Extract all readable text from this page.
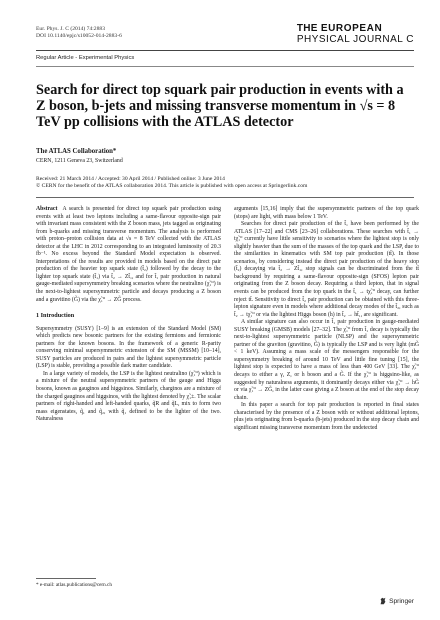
Eur. Phys. J. C (2014) 74:2883
DOI 10.1140/epjc/s10052-014-2883-6
THE EUROPEAN
PHYSICAL JOURNAL C
Regular Article - Experimental Physics
Search for direct top squark pair production in events with a Z boson, b-jets and missing transverse momentum in √s = 8 TeV pp collisions with the ATLAS detector
The ATLAS Collaboration*
CERN, 1211 Geneva 23, Switzerland
Received: 21 March 2014 / Accepted: 30 April 2014 / Published online: 3 June 2014
© CERN for the benefit of the ATLAS collaboration 2014. This article is published with open access at Springerlink.com

Abstract A search is presented for direct top squark pair production using events with at least two leptons including a same-flavour opposite-sign pair with invariant mass consistent with the Z boson mass, jets tagged as originating from b-quarks and missing transverse momentum. The analysis is performed with proton–proton collision data at √s = 8 TeV collected with the ATLAS detector at the LHC in 2012 corresponding to an integrated luminosity of 20.3 fb⁻¹. No excess beyond the Standard Model expectation is observed. Interpretations of the results are provided in models based on the direct pair production of the heavier top squark state (t̃₂) followed by the decay to the lighter top squark state (t̃₁) via t̃₂ → Zt̃₁, and for t̃₁ pair production in natural gauge-mediated supersymmetry breaking scenarios where the neutralino (χ̃₁⁰) is the next-to-lightest supersymmetric particle and decays producing a Z boson and a gravitino (G̃) via the χ̃₁⁰ → ZG̃ process.

1 Introduction

Supersymmetry (SUSY) [1–9] is an extension of the Standard Model (SM) which predicts new bosonic partners for the existing fermions and fermionic partners for the known bosons. In the framework of a generic R-parity conserving minimal supersymmetric extension of the SM (MSSM) [10–14], SUSY particles are produced in pairs and the lightest supersymmetric particle (LSP) is stable, providing a possible dark matter candidate.

In a large variety of models, the LSP is the lightest neutralino (χ̃₁⁰) which is a mixture of the neutral supersymmetric partners of the gauge and Higgs bosons, known as gauginos and higgsinos. Similarly, charginos are a mixture of the charged gauginos and higgsinos, with the lightest denoted by χ̃₁±. The scalar partners of right-handed and left-handed quarks, q̃R and q̃L, mix to form two mass eigenstates, q̃₁ and q̃₂, with q̃₁ defined to be the lighter of the two. Naturalness

arguments [15,16] imply that the supersymmetric partners of the top quark (stops) are light, with mass below 1 TeV.

Searches for direct pair production of the t̃₁ have been performed by the ATLAS [17–22] and CMS [23–26] collaborations. These searches with t̃₁ → tχ̃₁⁰ currently have little sensitivity to scenarios where the lightest stop is only slightly heavier than the sum of the masses of the top quark and the LSP, due to the similarities in kinematics with SM top pair production (tt̄). In those scenarios, by considering instead the direct pair production of the heavy stop (t̃₂) decaying via t̃₂ → Zt̃₁, stop signals can be discriminated from the tt̄ background by requiring a same-flavour opposite-sign (SFOS) lepton pair originating from the Z boson decay. Requiring a third lepton, that in signal events can be produced from the top quark in the t̃₁ → tχ̃₁⁰ decay, can further reject tt̄. Sensitivity to direct t̃₂ pair production can be obtained with this three-lepton signature even in models where additional decay modes of the t̃₂, such as t̃₂ → tχ̃₁⁰ or via the lightest Higgs boson (h) in t̃₂ → ht̃₁, are significant.

A similar signature can also occur in t̃₁ pair production in gauge-mediated SUSY breaking (GMSB) models [27–32]. The χ̃₁⁰ from t̃₁ decay is typically the next-to-lightest supersymmetric particle (NLSP) and the supersymmetric partner of the graviton (gravitino, G̃) is typically the LSP and is very light (mG̃ < 1 keV). Assuming a mass scale of the messengers responsible for the supersymmetry breaking of around 10 TeV and little fine tuning [15], the lightest stop is expected to have a mass of less than 400 GeV [33]. The χ̃₁⁰ decays to either a γ, Z, or h boson and a G̃. If the χ̃₁⁰ is higgsino-like, as suggested by naturalness arguments, it dominantly decays either via χ̃₁⁰ → hG̃ or via χ̃₁⁰ → ZG̃, in the latter case giving a Z boson at the end of the stop decay chain.

In this paper a search for top pair production is reported in final states characterised by the presence of a Z boson with or without additional leptons, plus jets originating from b-quarks (b-jets) produced in the stop decay chain and significant missing transverse momentum from the undetected

* e-mail: atlas.publications@cern.ch
Springer
